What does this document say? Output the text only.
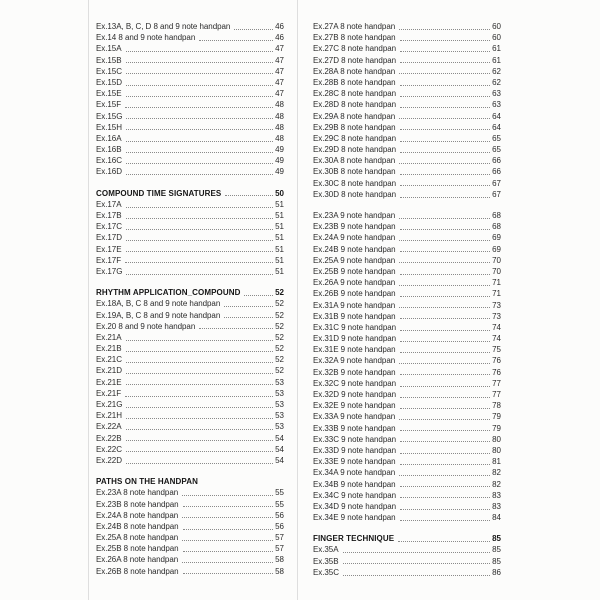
Ex.13A, B, C, D 8 and 9 note handpan	46
Ex.14 8 and 9 note handpan	46
Ex.15A	47
Ex.15B	47
Ex.15C	47
Ex.15D	47
Ex.15E	47
Ex.15F	48
Ex.15G	48
Ex.15H	48
Ex.16A	48
Ex.16B	49
Ex.16C	49
Ex.16D	49
COMPOUND TIME SIGNATURES	50
Ex.17A	51
Ex.17B	51
Ex.17C	51
Ex.17D	51
Ex.17E	51
Ex.17F	51
Ex.17G	51
RHYTHM APPLICATION_COMPOUND	52
Ex.18A, B, C 8 and 9 note handpan	52
Ex.19A, B, C 8 and 9 note handpan	52
Ex.20 8 and 9 note handpan	52
Ex.21A	52
Ex.21B	52
Ex.21C	52
Ex.21D	52
Ex.21E	53
Ex.21F	53
Ex.21G	53
Ex.21H	53
Ex.22A	53
Ex.22B	54
Ex.22C	54
Ex.22D	54
PATHS ON THE HANDPAN
Ex.23A 8 note handpan	55
Ex.23B 8 note handpan	55
Ex.24A 8 note handpan	56
Ex.24B 8 note handpan	56
Ex.25A 8 note handpan	57
Ex.25B 8 note handpan	57
Ex.26A 8 note handpan	58
Ex.26B 8 note handpan	58
Ex.27A 8 note handpan	60
Ex.27B 8 note handpan	60
Ex.27C 8 note handpan	61
Ex.27D 8 note handpan	61
Ex.28A 8 note handpan	62
Ex.28B 8 note handpan	62
Ex.28C 8 note handpan	63
Ex.28D 8 note handpan	63
Ex.29A 8 note handpan	64
Ex.29B 8 note handpan	64
Ex.29C 8 note handpan	65
Ex.29D 8 note handpan	65
Ex.30A 8 note handpan	66
Ex.30B 8 note handpan	66
Ex.30C 8 note handpan	67
Ex.30D 8 note handpan	67
Ex.23A 9 note handpan	68
Ex.23B 9 note handpan	68
Ex.24A 9 note handpan	69
Ex.24B 9 note handpan	69
Ex.25A 9 note handpan	70
Ex.25B 9 note handpan	70
Ex.26A 9 note handpan	71
Ex.26B 9 note handpan	71
Ex.31A 9 note handpan	73
Ex.31B 9 note handpan	73
Ex.31C 9 note handpan	74
Ex.31D 9 note handpan	74
Ex.31E 9 note handpan	75
Ex.32A 9 note handpan	76
Ex.32B 9 note handpan	76
Ex.32C 9 note handpan	77
Ex.32D 9 note handpan	77
Ex.32E 9 note handpan	78
Ex.33A 9 note handpan	79
Ex.33B 9 note handpan	79
Ex.33C 9 note handpan	80
Ex.33D 9 note handpan	80
Ex.33E 9 note handpan	81
Ex.34A 9 note handpan	82
Ex.34B 9 note handpan	82
Ex.34C 9 note handpan	83
Ex.34D 9 note handpan	83
Ex.34E 9 note handpan	84
FINGER TECHNIQUE	85
Ex.35A	85
Ex.35B	85
Ex.35C	86
